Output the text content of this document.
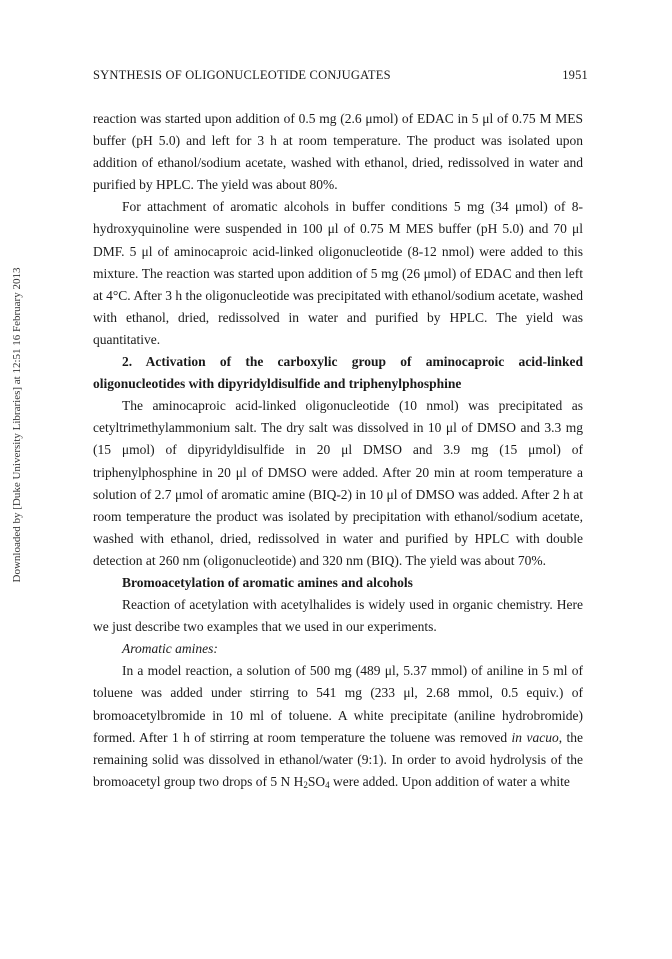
SYNTHESIS OF OLIGONUCLEOTIDE CONJUGATES	1951
Downloaded by [Duke University Libraries] at 12:51 16 February 2013

reaction was started upon addition of 0.5 mg (2.6 μmol) of EDAC in 5 μl of 0.75 M MES buffer (pH 5.0) and left for 3 h at room temperature. The product was isolated upon addition of ethanol/sodium acetate, washed with ethanol, dried, redissolved in water and purified by HPLC. The yield was about 80%.

For attachment of aromatic alcohols in buffer conditions 5 mg (34 μmol) of 8-hydroxyquinoline were suspended in 100 μl of 0.75 M MES buffer (pH 5.0) and 70 μl DMF. 5 μl of aminocaproic acid-linked oligonucleotide (8-12 nmol) were added to this mixture. The reaction was started upon addition of 5 mg (26 μmol) of EDAC and then left at 4°C. After 3 h the oligonucleotide was precipitated with ethanol/sodium acetate, washed with ethanol, dried, redissolved in water and purified by HPLC. The yield was quantitative.

2. Activation of the carboxylic group of aminocaproic acid-linked oligonucleotides with dipyridyldisulfide and triphenylphosphine

The aminocaproic acid-linked oligonucleotide (10 nmol) was precipitated as cetyltrimethylammonium salt. The dry salt was dissolved in 10 μl of DMSO and 3.3 mg (15 μmol) of dipyridyldisulfide in 20 μl DMSO and 3.9 mg (15 μmol) of triphenylphosphine in 20 μl of DMSO were added. After 20 min at room temperature a solution of 2.7 μmol of aromatic amine (BIQ-2) in 10 μl of DMSO was added. After 2 h at room temperature the product was isolated by precipitation with ethanol/sodium acetate, washed with ethanol, dried, redissolved in water and purified by HPLC with double detection at 260 nm (oligonucleotide) and 320 nm (BIQ). The yield was about 70%.

Bromoacetylation of aromatic amines and alcohols

Reaction of acetylation with acetylhalides is widely used in organic chemistry. Here we just describe two examples that we used in our experiments.

Aromatic amines:

In a model reaction, a solution of 500 mg (489 μl, 5.37 mmol) of aniline in 5 ml of toluene was added under stirring to 541 mg (233 μl, 2.68 mmol, 0.5 equiv.) of bromoacetylbromide in 10 ml of toluene. A white precipitate (aniline hydrobromide) formed. After 1 h of stirring at room temperature the toluene was removed in vacuo, the remaining solid was dissolved in ethanol/water (9:1). In order to avoid hydrolysis of the bromoacetyl group two drops of 5 N $H_2SO_4$ were added. Upon addition of water a white
